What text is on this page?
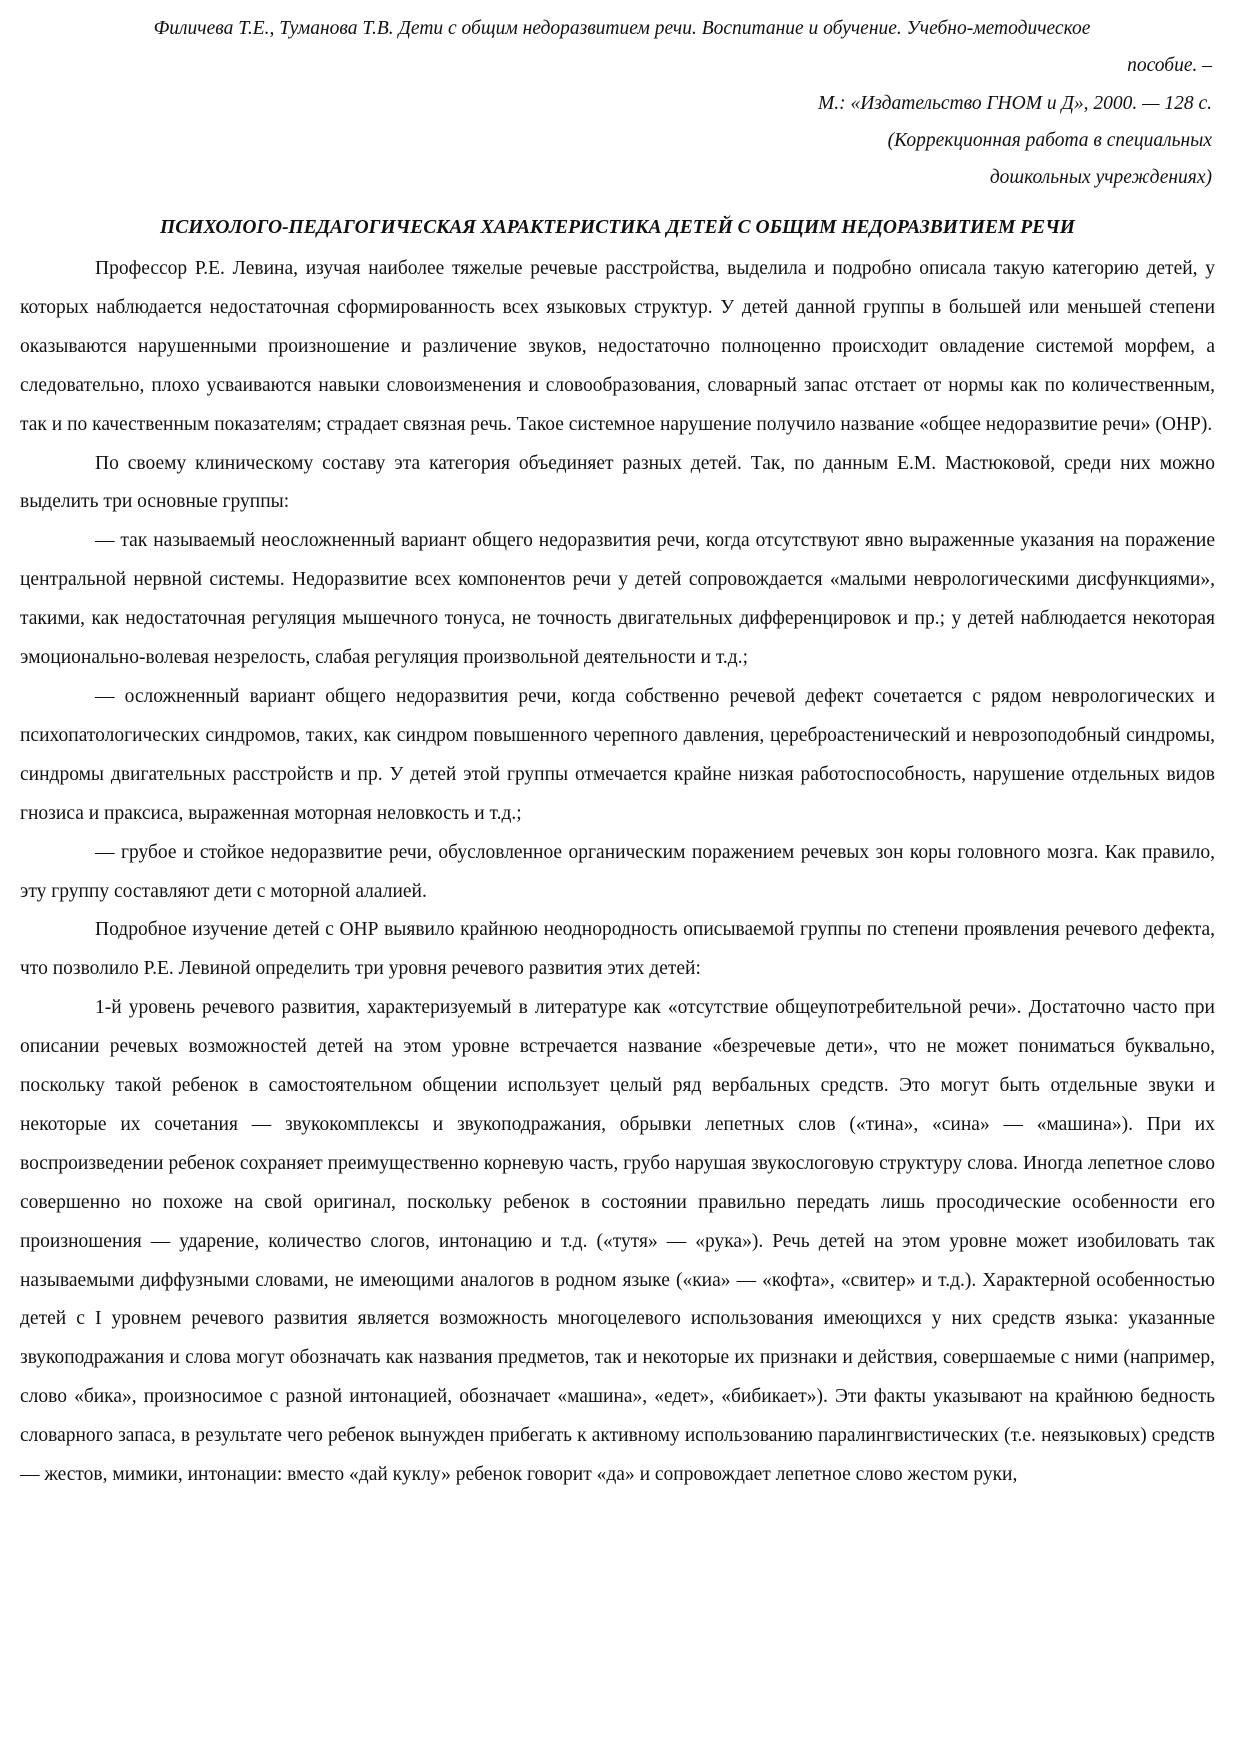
Филичева Т.Е., Туманова Т.В. Дети с общим недоразвитием речи. Воспитание и обучение. Учебно-методическое
пособие. –
М.: «Издательство ГНОМ и Д», 2000. — 128 с.
(Коррекционная работа в специальных
дошкольных учреждениях)
ПСИХОЛОГО-ПЕДАГОГИЧЕСКАЯ ХАРАКТЕРИСТИКА ДЕТЕЙ С ОБЩИМ НЕДОРАЗВИТИЕМ РЕЧИ

Профессор Р.Е. Левина, изучая наиболее тяжелые речевые расстройства, выделила и подробно описала такую категорию детей, у которых наблюдается недостаточная сформированность всех языковых структур. У детей данной группы в большей или меньшей степени оказываются нарушенными произношение и различение звуков, недостаточно полноценно происходит овладение системой морфем, а следовательно, плохо усваиваются навыки словоизменения и словообразования, словарный запас отстает от нормы как по количественным, так и по качественным показателям; страдает связная речь. Такое системное нарушение получило название «общее недоразвитие речи» (ОНР).

По своему клиническому составу эта категория объединяет разных детей. Так, по данным Е.М. Мастюковой, среди них можно выделить три основные группы:

— так называемый неосложненный вариант общего недоразвития речи, когда отсутствуют явно выраженные указания на поражение центральной нервной системы. Недоразвитие всех компонентов речи у детей сопровождается «малыми неврологическими дисфункциями», такими, как недостаточная регуляция мышечного тонуса, не точность двигательных дифференцировок и пр.; у детей наблюдается некоторая эмоционально-волевая незрелость, слабая регуляция произвольной деятельности и т.д.;

— осложненный вариант общего недоразвития речи, когда собственно речевой дефект сочетается с рядом неврологических и психопатологических синдромов, таких, как синдром повышенного черепного давления, цереброастенический и неврозоподобный синдромы, синдромы двигательных расстройств и пр. У детей этой группы отмечается крайне низкая работоспособность, нарушение отдельных видов гнозиса и праксиса, выраженная моторная неловкость и т.д.;

— грубое и стойкое недоразвитие речи, обусловленное органическим поражением речевых зон коры головного мозга. Как правило, эту группу составляют дети с моторной алалией.

Подробное изучение детей с ОНР выявило крайнюю неоднородность описываемой группы по степени проявления речевого дефекта, что позволило Р.Е. Левиной определить три уровня речевого развития этих детей:

1-й уровень речевого развития, характеризуемый в литературе как «отсутствие общеупотребительной речи». Достаточно часто при описании речевых возможностей детей на этом уровне встречается название «безречевые дети», что не может пониматься буквально, поскольку такой ребенок в самостоятельном общении использует целый ряд вербальных средств. Это могут быть отдельные звуки и некоторые их сочетания — звукокомплексы и звукоподражания, обрывки лепетных слов («тина», «сина» — «машина»). При их воспроизведении ребенок сохраняет преимущественно корневую часть, грубо нарушая звукослоговую структуру слова. Иногда лепетное слово совершенно но похоже на свой оригинал, поскольку ребенок в состоянии правильно передать лишь просодические особенности его произношения — ударение, количество слогов, интонацию и т.д. («тутя» — «рука»). Речь детей на этом уровне может изобиловать так называемыми диффузными словами, не имеющими аналогов в родном языке («киа» — «кофта», «свитер» и т.д.). Характерной особенностью детей с I уровнем речевого развития является возможность многоцелевого использования имеющихся у них средств языка: указанные звукоподражания и слова могут обозначать как названия предметов, так и некоторые их признаки и действия, совершаемые с ними (например, слово «бика», произносимое с разной интонацией, обозначает «машина», «едет», «бибикает»). Эти факты указывают на крайнюю бедность словарного запаса, в результате чего ребенок вынужден прибегать к активному использованию паралингвистических (т.е. неязыковых) средств — жестов, мимики, интонации: вместо «дай куклу» ребенок говорит «да» и сопровождает лепетное слово жестом руки,
